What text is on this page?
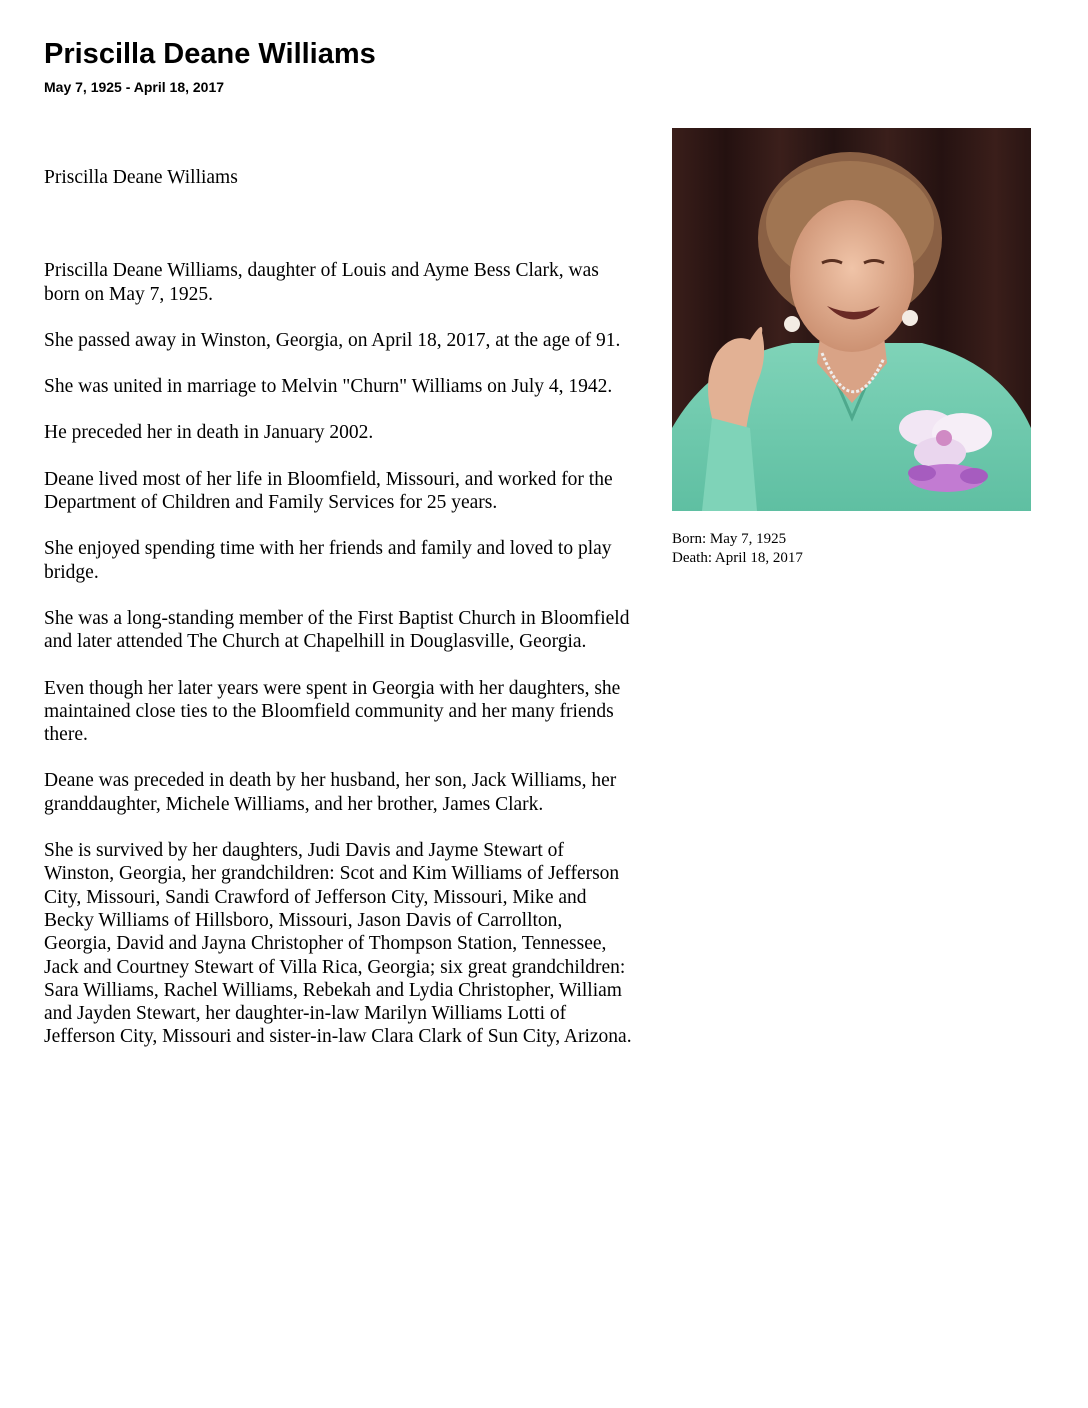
Priscilla Deane Williams
May 7, 1925 - April 18, 2017

Priscilla Deane Williams

Priscilla Deane Williams, daughter of Louis and Ayme Bess Clark, was born on May 7, 1925.

She passed away in Winston, Georgia, on April 18, 2017, at the age of 91.

She was united in marriage to Melvin "Churn" Williams on July 4, 1942.

He preceded her in death in January 2002.

Deane lived most of her life in Bloomfield, Missouri, and worked for the Department of Children and Family Services for 25 years.

She enjoyed spending time with her friends and family and loved to play bridge.

She was a long-standing member of the First Baptist Church in Bloomfield and later attended The Church at Chapelhill in Douglasville, Georgia.

Even though her later years were spent in Georgia with her daughters, she maintained close ties to the Bloomfield community and her many friends there.

Deane was preceded in death by her husband, her son, Jack Williams, her granddaughter, Michele Williams, and her brother, James Clark.

She is survived by her daughters, Judi Davis and Jayme Stewart of Winston, Georgia, her grandchildren: Scot and Kim Williams of Jefferson City, Missouri, Sandi Crawford of Jefferson City, Missouri, Mike and Becky Williams of Hillsboro, Missouri, Jason Davis of Carrollton, Georgia, David and Jayna Christopher of Thompson Station, Tennessee, Jack and Courtney Stewart of Villa Rica, Georgia; six great grandchildren: Sara Williams, Rachel Williams, Rebekah and Lydia Christopher, William and Jayden Stewart, her daughter-in-law Marilyn Williams Lotti of Jefferson City, Missouri and sister-in-law Clara Clark of Sun City, Arizona.

Born: May 7, 1925
Death: April 18, 2017
